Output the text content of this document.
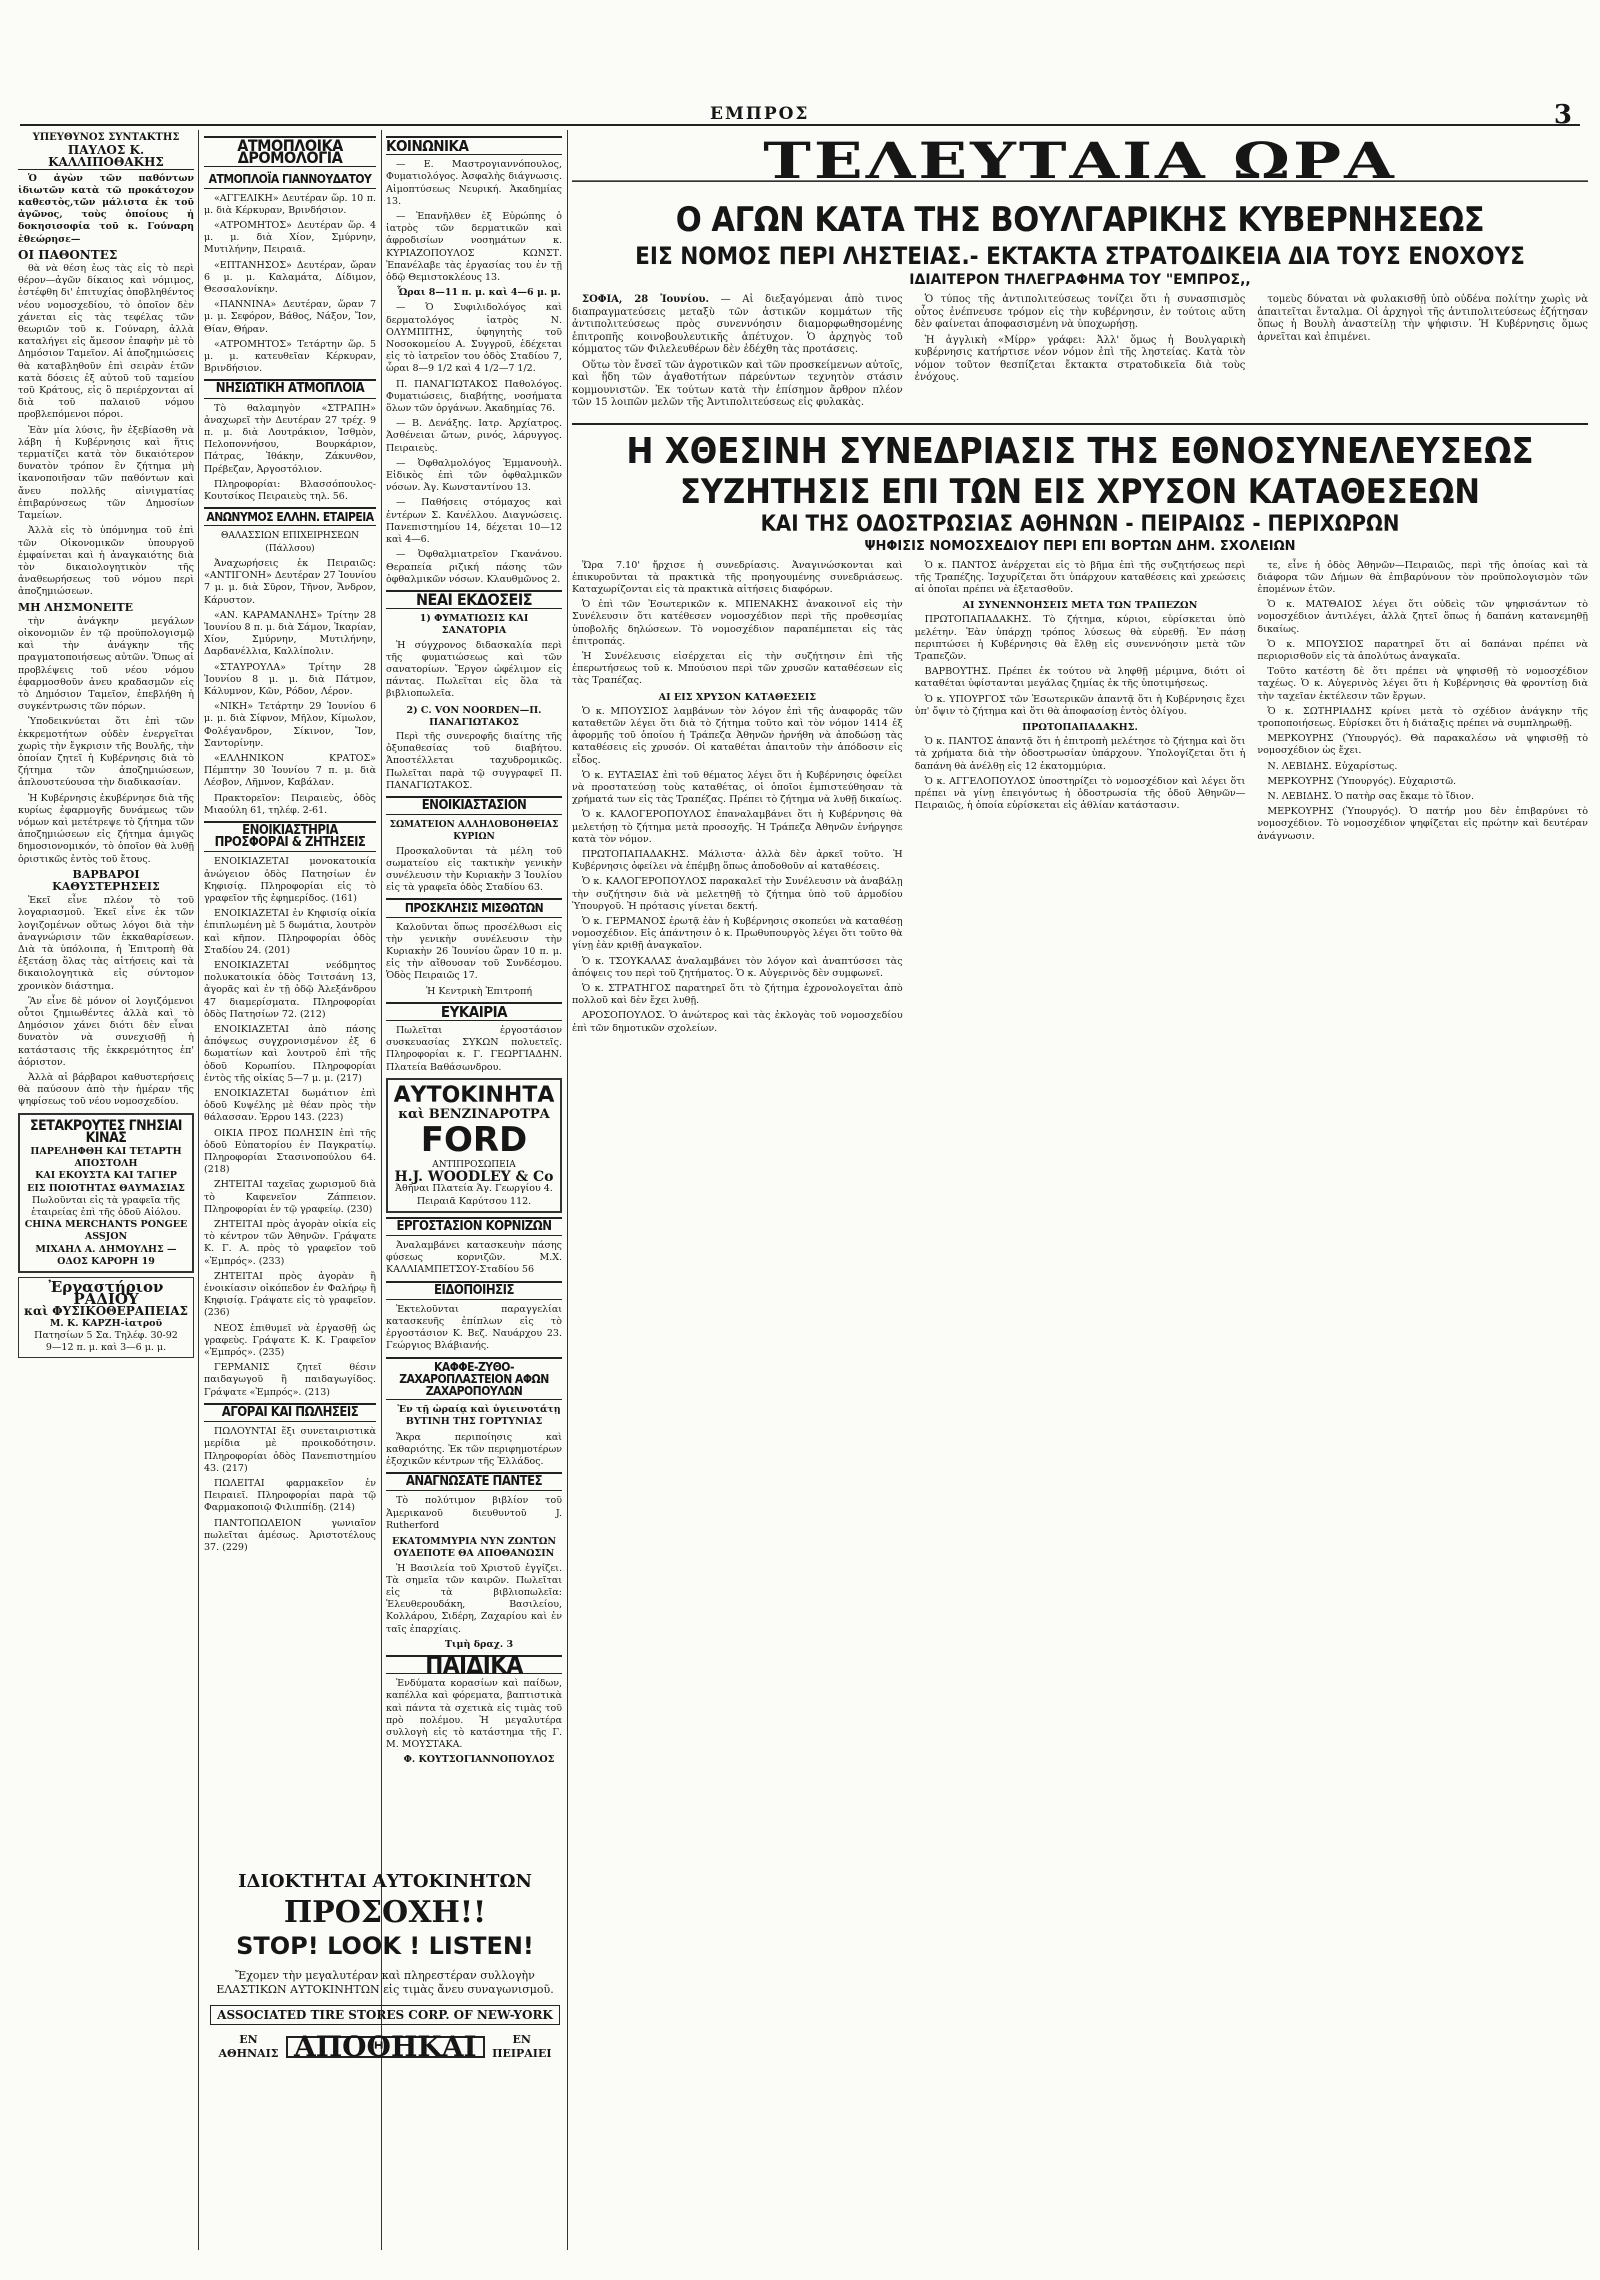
ΕΜΠΡΟΣ	3
ΥΠΕΥΘΥΝΟΣ ΣΥΝΤΑΚΤΗΣ
ΠΑΥΛΟΣ Κ. ΚΑΛΛΙΠΟΘΑΚΗΣ

Ὁ ἀγὼν τῶν παθόντων ἰδιωτῶν κατὰ τῶ προκάτοχον καθεστὸς,τῶν μάλιστα ἐκ τοῦ ἀγῶνος, τοὺς ὁποίους ἡ δοκησισοφία τοῦ κ. Γούναρη ἐθεώρησε—

ΟΙ ΠΑΘΟΝΤΕΣ

θὰ νὰ θέση ἐως τὰς εἰς τὸ περὶ θέρον—ἀγῶν δίκαιος καὶ νόμιμος, ἐστέφθη δι' ἐπιτυχίας ὀποβληθέντος νέου νομοσχεδίου, τὸ ὁποῖον δὲν χάνεται εἰς τὰς τεφέλας τῶν θεωριῶν τοῦ κ. Γούναρη, ἀλλὰ καταλήγει εἰς ἄμεσον ἐπαφὴν μὲ τὸ Δημόσιον Ταμεῖον. Αἱ ἀποζημιώσεις θὰ καταβληθοῦν ἐπὶ σειρὰν ἐτῶν κατὰ δόσεις ἐξ αὐτοῦ τοῦ ταμείου τοῦ Κράτους, εἰς ὃ περιέρχονται αἱ διὰ τοῦ παλαιοῦ νόμου προβλεπόμενοι πόροι.

Ἐὰν μία λύσις, ἢν ἐξεβίασθη νὰ λάβη ἡ Κυβέρνησις καὶ ἥτις τερματίζει κατὰ τὸν δικαιότερον δυνατὸν τρόπον ἓν ζήτημα μὴ ἱκανοποιῆσαν τῶν παθόντων καὶ ἄνευ πολλῆς αἰνιγματίας ἐπιβαρύνσεως τῶν Δημοσίων Ταμείων.

Ἀλλὰ εἰς τὸ ὑπόμνημα τοῦ ἐπὶ τῶν Οἰκονομικῶν ὑπουργοῦ ἐμφαίνεται καὶ ἡ ἀναγκαιότης διὰ τὸν δικαιολογητικὸν τῆς ἀναθεωρήσεως τοῦ νόμου περὶ ἀποζημιώσεων.

ΜΗ ΛΗΣΜΟΝΕΙΤΕ

τὴν ἀνάγκην μεγάλων οἰκονομιῶν ἐν τῷ προϋπολογισμῷ καὶ τὴν ἀνάγκην τῆς πραγματοποιήσεως αὐτῶν. Ὅπως αἱ προβλέψεις τοῦ νέου νόμου ἐφαρμοσθοῦν ἀνευ κραδασμῶν εἰς τὸ Δημόσιον Ταμεῖον, ἐπεβλήθη ἡ συγκέντρωσις τῶν πόρων.

Ὑποδεικνύεται ὅτι ἐπὶ τῶν ἐκκρεμοτήτων οὐδὲν ἐνεργεῖται χωρὶς τὴν ἔγκρισιν τῆς Βουλῆς, τὴν ὁποίαν ζητεῖ ἡ Κυβέρνησις διὰ τὸ ζήτημα τῶν ἀποζημιώσεων, ἁπλουστεύουσα τὴν διαδικασίαν.

Ἡ Κυβέρνησις ἐκυβέρνησε διὰ τῆς κυρίως ἐφαρμογῆς δυνάμεως τῶν νόμων καὶ μετέτρεψε τὸ ζήτημα τῶν ἀποζημιώσεων εἰς ζήτημα ἀμιγῶς δημοσιονομικόν, τὸ ὁποῖον θὰ λυθῇ ὁριστικῶς ἐντὸς τοῦ ἔτους.

ΒΑΡΒΑΡΟΙ ΚΑΘΥΣΤΕΡΗΣΕΙΣ

Ἐκεῖ εἶνε πλέον τὸ τοῦ λογαριασμοῦ. Ἐκεῖ εἶνε ἐκ τῶν λογιζομένων οὕτως λόγοι διὰ τὴν ἀναγνώρισιν τῶν ἐκκαθαρίσεων. Διὰ τὰ ὑπόλοιπα, ἡ Ἐπιτροπὴ θὰ ἐξετάσῃ ὅλας τὰς αἰτήσεις καὶ τὰ δικαιολογητικὰ εἰς σύντομον χρονικὸν διάστημα.

Ἂν εἶνε δὲ μόνον οἱ λογιζόμενοι οὗτοι ζημιωθέντες ἀλλὰ καὶ τὸ Δημόσιον χάνει διότι δὲν εἶναι δυνατὸν νὰ συνεχισθῇ ἡ κατάστασις τῆς ἐκκρεμότητος ἐπ' ἀόριστον.

Ἀλλὰ αἱ βάρβαροι καθυστερήσεις θὰ παύσουν ἀπὸ τὴν ἡμέραν τῆς ψηφίσεως τοῦ νέου νομοσχεδίου.

ΣΕΤΑΚΡΟΥΤΕΣ ΓΝΗΣΙΑΙ ΚΙΝΑΣ
ΠΑΡΕΛΗΦΘΗ ΚΑΙ ΤΕΤΑΡΤΗ ΑΠΟΣΤΟΛΗ
ΚΑΙ ΕΚΟΥΣΤΑ ΚΑΙ ΤΑΓΙΕΡ
ΕΙΣ ΠΟΙΟΤΗΤΑΣ ΘΑΥΜΑΣΙΑΣ
Πωλοῦνται εἰς τὰ γραφεῖα τῆς ἑταιρείας ἐπὶ τῆς ὁδοῦ Αἰόλου.
CHINA MERCHANTS PONGEE ASSJON
ΜΙΧΑΗΛ Α. ΔΗΜΟΥΛΗΣ — ΟΔΟΣ ΚΑΡΟΡΗ 19
Ἐργαστήριον ΡΑΔΙΟΥ
καὶ ΦΥΣΙΚΟΘΕΡΑΠΕΙΑΣ
Μ. Κ. ΚΑΡΖΗ-ἰατροῦ
Πατησίων 5 Σα. Τηλέφ. 30-92
9—12 π. μ. καὶ 3—6 μ. μ.
ΑΤΜΟΠΛΟΪΚΑ ΔΡΟΜΟΛΟΓΙΑ
ΑΤΜΟΠΛΟΪΑ ΓΙΑΝΝΟΥΔΑΤΟΥ

«ΑΓΓΕΛΙΚΗ» Δευτέραν ὥρ. 10 π. μ. διὰ Κέρκυραν, Βρινδήσιον.

«ΑΤΡΟΜΗΤΟΣ» Δευτέραν ὥρ. 4 μ. μ. διὰ Χίον, Σμύρνην, Μυτιλήνην, Πειραιᾶ.

«ΕΠΤΑΝΗΣΟΣ» Δευτέραν, ὥραν 6 μ. μ. Καλαμάτα, Δίδιμον, Θεσσαλονίκην.

«ΠΑΝΝΙΝΑ» Δευτέραν, ὥραν 7 μ. μ. Σεφόρον, Βάθος, Νάξον, Ἴον, Θίαν, Θήραν.

«ΑΤΡΟΜΗΤΟΣ» Τετάρτην ὥρ. 5 μ. μ. κατευθεῖαν Κέρκυραν, Βρινδήσιον.

ΝΗΣΙΩΤΙΚΗ ΑΤΜΟΠΛΟΪΑ

Τὸ θαλαμηγὸν «ΣΤΡΑΠΗ» ἀναχωρεῖ τὴν Δευτέραν 27 τρέχ. 9 π. μ. διὰ Λουτράκιον, Ἰσθμὸν, Πελοποννήσου, Βουρκάριον, Πάτρας, Ἰθάκην, Ζάκυνθον, Πρέβεζαν, Ἀργοστόλιον.

Πληροφορίαι: Βλασσόπουλος-Κουτσίκος Πειραιεὺς τηλ. 56.

ΑΝΩΝΥΜΟΣ ΕΛΛΗΝ. ΕΤΑΙΡΕΙΑ
ΘΑΛΑΣΣΙΩΝ ΕΠΙΧΕΙΡΗΣΕΩΝ (Πάλλσου)

Ἀναχωρήσεις ἐκ Πειραιῶς: «ΑΝΤΙΓΟΝΗ» Δευτέραν 27 Ἰουνίου 7 μ. μ. διὰ Σῦρον, Τῆνον, Ἄνδρον, Κάρυστον.

«ΑΝ. ΚΑΡΑΜΑΝΛΗΣ» Τρίτην 28 Ἰουνίου 8 π. μ. διὰ Σάμον, Ἰκαρίαν, Χίον, Σμύρνην, Μυτιλήνην, Δαρδανέλλια, Καλλίπολιν.

«ΣΤΑΥΡΟΥΛΑ» Τρίτην 28 Ἰουνίου 8 μ. μ. διὰ Πάτμον, Κάλυμνον, Κῶν, Ρόδον, Λέρον.

«ΝΙΚΗ» Τετάρτην 29 Ἰουνίου 6 μ. μ. διὰ Σίφνον, Μῆλον, Κίμωλον, Φολέγανδρον, Σίκινον, Ἴον, Σαντορίνην.

«ΕΛΛΗΝΙΚΟΝ ΚΡΑΤΟΣ» Πέμπτην 30 Ἰουνίου 7 π. μ. διὰ Λέσβον, Λῆμνον, Καβάλαν.

Πρακτορεῖον: Πειραιεὺς, ὁδὸς Μιαούλη 61, τηλέφ. 2-61.

ΕΝΟΙΚΙΑΣΤΗΡΙΑ ΠΡΟΣΦΟΡΑΙ & ΖΗΤΗΣΕΙΣ

ΕΝΟΙΚΙΑΖΕΤΑΙ μονοκατοικία ἀνώγειον ὁδὸς Πατησίων ἐν Κηφισίᾳ. Πληροφορίαι εἰς τὸ γραφεῖον τῆς ἐφημερίδος. (161)

ΕΝΟΙΚΙΑΖΕΤΑΙ ἐν Κηφισίᾳ οἰκία ἐπιπλωμένη μὲ 5 δωμάτια, λουτρὸν καὶ κῆπον. Πληροφορίαι ὁδὸς Σταδίου 24. (201)

ΕΝΟΙΚΙΑΖΕΤΑΙ νεόδμητος πολυκατοικία ὁδὸς Τσιτσάνη 13, ἀγορᾶς καὶ ἐν τῇ ὁδῷ Ἀλεξάνδρου 47 διαμερίσματα. Πληροφορίαι ὁδὸς Πατησίων 72. (212)

ΕΝΟΙΚΙΑΖΕΤΑΙ ἀπὸ πάσης ἀπόψεως συγχρονισμένον ἐξ 6 δωματίων καὶ λουτροῦ ἐπὶ τῆς ὁδοῦ Κορωπίου. Πληροφορίαι ἐντὸς τῆς οἰκίας 5—7 μ. μ. (217)

ΕΝΟΙΚΙΑΖΕΤΑΙ δωμάτιον ἐπὶ ὁδοῦ Κυψέλης μὲ θέαν πρὸς τὴν θάλασσαν. Ἐρρου 143. (223)

ΟΙΚΙΑ ΠΡΟΣ ΠΩΛΗΣΙΝ ἐπὶ τῆς ὁδοῦ Εὐπατορίου ἐν Παγκρατίῳ. Πληροφορίαι Στασινοπούλου 64. (218)

ΖΗΤΕΙΤΑΙ ταχεῖας χωρισμοῦ διὰ τὸ Καφενεῖον Ζάππειον. Πληροφορίαι ἐν τῷ γραφείῳ. (230)

ΖΗΤΕΙΤΑΙ πρὸς ἀγορὰν οἰκία εἰς τὸ κέντρον τῶν Ἀθηνῶν. Γράψατε Κ. Γ. Α. πρὸς τὸ γραφεῖον τοῦ «Ἐμπρός». (233)

ΖΗΤΕΙΤΑΙ πρὸς ἀγορὰν ἢ ἐνοικίασιν οἰκόπεδον ἐν Φαλήρῳ ἢ Κηφισίᾳ. Γράψατε εἰς τὸ γραφεῖον. (236)

ΝΕΟΣ ἐπιθυμεῖ νὰ ἐργασθῇ ὡς γραφεὺς. Γράψατε Κ. Κ. Γραφεῖον «Ἐμπρός». (235)

ΓΕΡΜΑΝΙΣ ζητεῖ θέσιν παιδαγωγοῦ ἢ παιδαγωγίδος. Γράψατε «Ἐμπρός». (213)

ΑΓΟΡΑΙ ΚΑΙ ΠΩΛΗΣΕΙΣ

ΠΩΛΟΥΝΤΑΙ ἕξι συνεταιριστικὰ μερίδια μὲ προικοδότησιν. Πληροφορίαι ὁδὸς Πανεπιστημίου 43. (217)

ΠΩΛΕΙΤΑΙ φαρμακεῖον ἐν Πειραιεῖ. Πληροφορίαι παρὰ τῷ Φαρμακοποιῷ Φιλιππίδῃ. (214)

ΠΑΝΤΟΠΩΛΕΙΟΝ γωνιαῖον πωλεῖται ἀμέσως. Ἀριστοτέλους 37. (229)

ΙΔΙΟΚΤΗΤΑΙ ΑΥΤΟΚΙΝΗΤΩΝ
ΠΡΟΣΟΧΗ!!
STOP! LOOK ! LISTEN!
Ἔχομεν τὴν μεγαλυτέραν καὶ πληρεστέραν συλλογὴν ΕΛΑΣΤΙΚΩΝ ΑΥΤΟΚΙΝΗΤΩΝ εἰς τιμὰς ἄνευ συναγωνισμοῦ.
ASSOCIATED TIRE STORES CORP. OF NEW-YORK
ΕΝ ΑΘΗΝΑΙΣ ΑΠΟΘΗΚΑΙ	ΕΝ ΠΕΙΡΑΙΕΙ
ΚΟΙΝΩΝΙΚΑ

— Ε. Μαστρογιαννόπουλος, Φυματιολόγος. Ἀσφαλὴς διάγνωσις. Αἱμοπτύσεως Νευρική. Ἀκαδημίας 13.

— Ἐπανῆλθεν ἐξ Εὐρώπης ὁ ἰατρὸς τῶν δερματικῶν καὶ ἀφροδισίων νοσημάτων κ. ΚΥΡΙΑΖΟΠΟΥΛΟΣ ΚΩΝΣΤ. Ἐπανέλαβε τὰς ἐργασίας του ἐν τῇ ὁδῷ Θεμιστοκλέους 13.

Ὧραι 8—11 π. μ. καὶ 4—6 μ. μ.

— Ὁ Συφιλιδολόγος καὶ δερματολόγος ἰατρὸς Ν. ΟΛΥΜΠΙΤΗΣ, ὑφηγητὴς τοῦ Νοσοκομείου Α. Συγγροῦ, ἐδέχεται εἰς τὸ ἰατρεῖον του ὁδὸς Σταδίου 7, ὧραι 8—9 1/2 καὶ 4 1/2—7 1/2.

Π. ΠΑΝΑΓΙΩΤΑΚΟΣ Παθολόγος. Φυματιώσεις, διαβήτης, νοσήματα ὅλων τῶν ὀργάνων. Ἀκαδημίας 76.

— Β. Δενάξης. Ιατρ. Ἀρχίατρος. Ἀσθένειαι ὤτων, ρινός, λάρυγγος. Πειραιεὺς.

— Ὀφθαλμολόγος Ἐμμανουὴλ. Εἰδικὸς ἐπὶ τῶν ὀφθαλμικῶν νόσων. Ἀγ. Κωνσταντίνου 13.

— Παθήσεις στόμαχος καὶ ἐντέρων Σ. Κανέλλου. Διαγνώσεις. Πανεπιστημίου 14, δέχεται 10—12 καὶ 4—6.

— Ὀφθαλμιατρεῖον Γκανάνου. Θεραπεία ριζική πάσης τῶν ὀφθαλμικῶν νόσων. Κλαυθμῶνος 2.

ΝΕΑΙ ΕΚΔΟΣΕΙΣ
1) ΦΥΜΑΤΙΩΣΙΣ ΚΑΙ ΣΑΝΑΤΟΡΙΑ

Ἡ σύγχρονος διδασκαλία περὶ τῆς φυματιώσεως καὶ τῶν σανατορίων. Ἔργον ὠφέλιμον εἰς πάντας. Πωλεῖται εἰς ὅλα τὰ βιβλιοπωλεῖα.

2) C. VON NOORDEN—Π. ΠΑΝΑΓΙΩΤΑΚΟΣ

Περὶ τῆς συνεροφῆς διαίτης τῆς ὀξυπαθεσίας τοῦ διαβήτου. Ἀποστέλλεται ταχυδρομικῶς. Πωλεῖται παρὰ τῷ συγγραφεῖ Π. ΠΑΝΑΓΙΩΤΑΚΟΣ.

ΕΝΟΙΚΙΑΣΤΑΣΙΟΝ
ΣΩΜΑΤΕΙΟΝ ΑΛΛΗΛΟΒΟΗΘΕΙΑΣ ΚΥΡΙΩΝ

Προσκαλοῦνται τὰ μέλη τοῦ σωματείου εἰς τακτικὴν γενικὴν συνέλευσιν τὴν Κυριακὴν 3 Ἰουλίου εἰς τὰ γραφεῖα ὁδὸς Σταδίου 63.

ΠΡΟΣΚΛΗΣΙΣ ΜΙΣΘΩΤΩΝ

Καλοῦνται ὅπως προσέλθωσι εἰς τὴν γενικὴν συνέλευσιν τὴν Κυριακὴν 26 Ἰουνίου ὥραν 10 π. μ. εἰς τὴν αἴθουσαν τοῦ Συνδέσμου. Ὁδὸς Πειραιῶς 17.

Ἡ Κεντρικὴ Ἐπιτροπή

ΕΥΚΑΙΡΙΑ

Πωλεῖται ἐργοστάσιον συσκευασίας ΣΥΚΩΝ πολυετεῖς. Πληροφορίαι κ. Γ. ΓΕΩΡΓΙΑΔΗΝ. Πλατεία Βαθάσωνδρου.

ΑΥΤΟΚΙΝΗΤΑ
καὶ ΒΕΝΖΙΝΑΡΟΤΡΑ
FORD
ΑΝΤΙΠΡΟΣΩΠΕΙΑ
H.J. WOODLEY & Co
Ἀθῆναι Πλατεία Ἁγ. Γεωργίου 4. Πειραιᾶ Καρύτσου 112.
ΕΡΓΟΣΤΑΣΙΟΝ ΚΟΡΝΙΖΩΝ

Ἀναλαμβάνει κατασκευὴν πάσης φύσεως κορνιζῶν. Μ.Χ. ΚΑΛΛΙΑΜΠΕΤΣΟΥ-Σταδίου 56

ΕΙΔΟΠΟΙΗΣΙΣ

Ἐκτελοῦνται παραγγελίαι κατασκευῆς ἐπίπλων εἰς τὸ ἐργοστάσιον Κ. Βεζ. Ναυάρχου 23. Γεώργιος Βλάβιανής.

ΚΑΦΦΕ-ΖΥΘΟ-ΖΑΧΑΡΟΠΛΑΣΤΕΙΟΝ ΑΦΩΝ ΖΑΧΑΡΟΠΟΥΛΩΝ

Ἐν τῇ ὡραίᾳ καὶ ὑγιεινοτάτῃ ΒΥΤΙΝΗ ΤΗΣ ΓΟΡΤΥΝΙΑΣ

Ἄκρα περιποίησις καὶ καθαριότης. Ἐκ τῶν περιφημοτέρων ἐξοχικῶν κέντρων τῆς Ἑλλάδος.

ΑΝΑΓΝΩΣΑΤΕ ΠΑΝΤΕΣ

Τὸ πολύτιμον βιβλίον τοῦ Ἀμερικανοῦ διευθυντοῦ J. Rutherford

ΕΚΑΤΟΜΜΥΡΙΑ ΝΥΝ ΖΩΝΤΩΝ ΟΥΔΕΠΟΤΕ ΘΑ ΑΠΟΘΑΝΩΣΙΝ

Ἡ Βασιλεία τοῦ Χριστοῦ ἐγγίζει. Τὰ σημεῖα τῶν καιρῶν. Πωλεῖται εἰς τὰ βιβλιοπωλεῖα: Ἐλευθερουδάκη, Βασιλείου, Κολλάρου, Σιδέρη, Ζαχαρίου καὶ ἐν ταῖς ἐπαρχίαις.

Τιμὴ δραχ. 3

ΠΑΙΔΙΚΑ

Ἐνδύματα κορασίων καὶ παίδων, καπέλλα καὶ φόρεματα, βαπτιστικὰ καὶ πάντα τὰ σχετικὰ εἰς τιμὰς τοῦ πρὸ πολέμου. Ἡ μεγαλυτέρα συλλογὴ εἰς τὸ κατάστημα τῆς Γ. Μ. ΜΟΥΣΤΑΚΑ.

Φ. ΚΟΥΤΣΟΓΙΑΝΝΟΠΟΥΛΟΣ

ΤΕΛΕΥΤΑΙΑ ΩΡΑ
Ο ΑΓΩΝ ΚΑΤΑ ΤΗΣ ΒΟΥΛΓΑΡΙΚΗΣ ΚΥΒΕΡΝΗΣΕΩΣ
ΕΙΣ ΝΟΜΟΣ ΠΕΡΙ ΛΗΣΤΕΙΑΣ.- ΕΚΤΑΚΤΑ ΣΤΡΑΤΟΔΙΚΕΙΑ ΔΙΑ ΤΟΥΣ ΕΝΟΧΟΥΣ
ΙΔΙΑΙΤΕΡΟΝ ΤΗΛΕΓΡΑΦΗΜΑ ΤΟΥ "ΕΜΠΡΟΣ,,

ΣΟΦΙΑ, 28 Ἰουνίου. — Αἱ διεξαγόμεναι ἀπὸ τινος διαπραγματεύσεις μεταξὺ τῶν ἀστικῶν κομμάτων τῆς ἀντιπολιτεύσεως πρὸς συνεννόησιν διαμορφωθησομένης ἐπιτροπῆς κοινοβουλευτικῆς ἀπέτυχον. Ὁ ἀρχηγὸς τοῦ κόμματος τῶν Φιλελευθέρων δὲν ἐδέχθη τὰς προτάσεις.

Οὕτω τὸν ἔνσεῖ τῶν ἀγροτικῶν καὶ τῶν προσκείμενων αὐτοῖς, καὶ ἤδη τῶν ἀγαθοτήτων πάρεύντων τεχνητὸν στάσιν κομμουνιστῶν. Ἐκ τούτων κατὰ τὴν ἐπίσημον ἄρθρον πλέον τῶν 15 λοιπῶν μελῶν τῆς Ἀντιπολιτεύσεως εἰς φυλακὰς.

Ὁ τύπος τῆς ἀντιπολιτεύσεως τονίζει ὅτι ἡ συνασπισμὸς οὗτος ἐνέπνευσε τρόμον εἰς τὴν κυβέρνησιν, ἐν τούτοις αὕτη δὲν φαίνεται ἀποφασισμένη νὰ ὑποχωρήσῃ.

Ἡ ἀγγλικὴ «Μίρρ» γράφει: Ἀλλ' ὅμως ἡ Βουλγαρικὴ κυβέρνησις κατήρτισε νέον νόμον ἐπὶ τῆς ληστείας. Κατὰ τὸν νόμον τοῦτον θεσπίζεται ἔκτακτα στρατοδικεῖα διὰ τοὺς ἐνόχους.

τομεὺς δύναται νὰ φυλακισθῇ ὑπὸ οὐδένα πολίτην χωρὶς νὰ ἀπαιτεῖται ἔνταλμα. Οἱ ἀρχηγοὶ τῆς ἀντιπολιτεύσεως ἐζήτησαν ὅπως ἡ Βουλὴ ἀναστείλῃ τὴν ψήφισιν. Ἡ Κυβέρνησις ὅμως ἀρνεῖται καὶ ἐπιμένει.

Η ΧΘΕΣΙΝΗ ΣΥΝΕΔΡΙΑΣΙΣ ΤΗΣ ΕΘΝΟΣΥΝΕΛΕΥΣΕΩΣ
ΣΥΖΗΤΗΣΙΣ ΕΠΙ ΤΩΝ ΕΙΣ ΧΡΥΣΟΝ ΚΑΤΑΘΕΣΕΩΝ
ΚΑΙ ΤΗΣ ΟΔΟΣΤΡΩΣΙΑΣ ΑΘΗΝΩΝ - ΠΕΙΡΑΙΩΣ - ΠΕΡΙΧΩΡΩΝ
ΨΗΦΙΣΙΣ ΝΟΜΟΣΧΕΔΙΟΥ ΠΕΡΙ ΕΠΙ ΒΟΡΤΩΝ ΔΗΜ. ΣΧΟΛΕΙΩΝ

Ὥρα 7.10' ἤρχισε ἡ συνεδρίασις. Ἀναγινώσκονται καὶ ἐπικυροῦνται τὰ πρακτικὰ τῆς προηγουμένης συνεδριάσεως. Καταχωρίζονται εἰς τὰ πρακτικὰ αἰτήσεις διαφόρων.

Ὁ ἐπὶ τῶν Ἐσωτερικῶν κ. ΜΠΕΝΑΚΗΣ ἀνακοινοῖ εἰς τὴν Συνέλευσιν ὅτι κατέθεσεν νομοσχέδιον περὶ τῆς προθεσμίας ὑποβολῆς δηλώσεων. Τὸ νομοσχέδιον παραπέμπεται εἰς τὰς ἐπιτροπάς.

Ἡ Συνέλευσις εἰσέρχεται εἰς τὴν συζήτησιν ἐπὶ τῆς ἐπερωτήσεως τοῦ κ. Μπούσιου περὶ τῶν χρυσῶν καταθέσεων εἰς τὰς Τραπέζας.

ΑΙ ΕΙΣ ΧΡΥΣΟΝ ΚΑΤΑΘΕΣΕΙΣ

Ὁ κ. ΜΠΟΥΣΙΟΣ λαμβάνων τὸν λόγον ἐπὶ τῆς ἀναφορᾶς τῶν καταθετῶν λέγει ὅτι διὰ τὸ ζήτημα τοῦτο καὶ τὸν νόμον 1414 ἐξ ἀφορμῆς τοῦ ὁποίου ἡ Τράπεζα Ἀθηνῶν ἠρνήθη νὰ ἀποδώσῃ τὰς καταθέσεις εἰς χρυσόν. Οἱ καταθέται ἀπαιτοῦν τὴν ἀπόδοσιν εἰς εἶδος.

Ὁ κ. ΕΥΤΑΞΙΑΣ ἐπὶ τοῦ θέματος λέγει ὅτι ἡ Κυβέρνησις ὀφείλει νὰ προστατεύσῃ τοὺς καταθέτας, οἱ ὁποῖοι ἐμπιστεύθησαν τὰ χρήματά των εἰς τὰς Τραπέζας. Πρέπει τὸ ζήτημα νὰ λυθῇ δικαίως.

Ὁ κ. ΚΑΛΟΓΕΡΟΠΟΥΛΟΣ ἐπαναλαμβάνει ὅτι ἡ Κυβέρνησις θὰ μελετήσῃ τὸ ζήτημα μετὰ προσοχῆς. Ἡ Τράπεζα Ἀθηνῶν ἐνήργησε κατὰ τὸν νόμον.

ΠΡΩΤΟΠΑΠΑΔΑΚΗΣ. Μάλιστα· ἀλλὰ δὲν ἀρκεῖ τοῦτο. Ἡ Κυβέρνησις ὀφείλει νὰ ἐπέμβῃ ὅπως ἀποδοθοῦν αἱ καταθέσεις.

Ὁ κ. ΚΑΛΟΓΕΡΟΠΟΥΛΟΣ παρακαλεῖ τὴν Συνέλευσιν νὰ ἀναβάλῃ τὴν συζήτησιν διὰ νὰ μελετηθῇ τὸ ζήτημα ὑπὸ τοῦ ἁρμοδίου Ὑπουργοῦ. Ἡ πρότασις γίνεται δεκτή.

Ὁ κ. ΓΕΡΜΑΝΟΣ ἐρωτᾷ ἐὰν ἡ Κυβέρνησις σκοπεύει νὰ καταθέσῃ νομοσχέδιον. Εἰς ἀπάντησιν ὁ κ. Πρωθυπουργὸς λέγει ὅτι τοῦτο θὰ γίνῃ ἐὰν κριθῇ ἀναγκαῖον.

Ὁ κ. ΤΣΟΥΚΑΛΑΣ ἀναλαμβάνει τὸν λόγον καὶ ἀναπτύσσει τὰς ἀπόψεις του περὶ τοῦ ζητήματος. Ὁ κ. Αὐγερινὸς δὲν συμφωνεῖ.

Ὁ κ. ΣΤΡΑΤΗΓΟΣ παρατηρεῖ ὅτι τὸ ζήτημα ἐχρονολογεῖται ἀπὸ πολλοῦ καὶ δὲν ἔχει λυθῇ.

ΑΡΟΣΟΠΟΥΛΟΣ. Ὁ ἀνώτερος καὶ τὰς ἐκλογὰς τοῦ νομοσχεδίου ἐπὶ τῶν δημοτικῶν σχολείων.

Ὁ κ. ΠΑΝΤΟΣ ἀνέρχεται εἰς τὸ βῆμα ἐπὶ τῆς συζητήσεως περὶ τῆς Τραπέζης. Ἰσχυρίζεται ὅτι ὑπάρχουν καταθέσεις καὶ χρεώσεις αἱ ὁποῖαι πρέπει νὰ ἐξετασθοῦν.

ΑΙ ΣΥΝΕΝΝΟΗΣΕΙΣ ΜΕΤΑ ΤΩΝ ΤΡΑΠΕΖΩΝ

ΠΡΩΤΟΠΑΠΑΔΑΚΗΣ. Τὸ ζήτημα, κύριοι, εὑρίσκεται ὑπὸ μελέτην. Ἐὰν ὑπάρχῃ τρόπος λύσεως θὰ εὑρεθῇ. Ἐν πάσῃ περιπτώσει ἡ Κυβέρνησις θὰ ἔλθῃ εἰς συνεννόησιν μετὰ τῶν Τραπεζῶν.

ΒΑΡΒΟΥΤΗΣ. Πρέπει ἐκ τούτου νὰ ληφθῇ μέριμνα, διότι οἱ καταθέται ὑφίστανται μεγάλας ζημίας ἐκ τῆς ὑποτιμήσεως.

Ὁ κ. ΥΠΟΥΡΓΟΣ τῶν Ἐσωτερικῶν ἀπαντᾷ ὅτι ἡ Κυβέρνησις ἔχει ὑπ' ὄψιν τὸ ζήτημα καὶ ὅτι θὰ ἀποφασίσῃ ἐντὸς ὀλίγου.

ΠΡΩΤΟΠΑΠΑΔΑΚΗΣ.

Ὁ κ. ΠΑΝΤΟΣ ἀπαντᾷ ὅτι ἡ ἐπιτροπὴ μελέτησε τὸ ζήτημα καὶ ὅτι τὰ χρήματα διὰ τὴν ὁδοστρωσίαν ὑπάρχουν. Ὑπολογίζεται ὅτι ἡ δαπάνη θὰ ἀνέλθῃ εἰς 12 ἑκατομμύρια.

Ὁ κ. ΑΓΓΕΛΟΠΟΥΛΟΣ ὑποστηρίζει τὸ νομοσχέδιον καὶ λέγει ὅτι πρέπει νὰ γίνῃ ἐπειγόντως ἡ ὁδοστρωσία τῆς ὁδοῦ Ἀθηνῶν—Πειραιῶς, ἡ ὁποία εὑρίσκεται εἰς ἀθλίαν κατάστασιν.

τε, εἶνε ἡ ὁδὸς Ἀθηνῶν—Πειραιῶς, περὶ τῆς ὁποίας καὶ τὰ διάφορα τῶν Δήμων θὰ ἐπιβαρύνουν τὸν προϋπολογισμὸν τῶν ἐπομένων ἐτῶν.

Ὁ κ. ΜΑΤΘΑΙΟΣ λέγει ὅτι οὐδεὶς τῶν ψηφισάντων τὸ νομοσχέδιον ἀντιλέγει, ἀλλὰ ζητεῖ ὅπως ἡ δαπάνη κατανεμηθῇ δικαίως.

Ὁ κ. ΜΠΟΥΣΙΟΣ παρατηρεῖ ὅτι αἱ δαπάναι πρέπει νὰ περιορισθοῦν εἰς τὰ ἀπολύτως ἀναγκαῖα.

Τοῦτο κατέστη δὲ ὅτι πρέπει νὰ ψηφισθῇ τὸ νομοσχέδιον ταχέως. Ὁ κ. Αὐγερινὸς λέγει ὅτι ἡ Κυβέρνησις θὰ φροντίσῃ διὰ τὴν ταχεῖαν ἐκτέλεσιν τῶν ἔργων.

Ὁ κ. ΣΩΤΗΡΙΑΔΗΣ κρίνει μετὰ τὸ σχέδιον ἀνάγκην τῆς τροποποιήσεως. Εὑρίσκει ὅτι ἡ διάταξις πρέπει νὰ συμπληρωθῇ.

ΜΕΡΚΟΥΡΗΣ (Ὑπουργός). Θὰ παρακαλέσω νὰ ψηφισθῇ τὸ νομοσχέδιον ὡς ἔχει.

Ν. ΛΕΒΙΔΗΣ. Εὐχαρίστως.

ΜΕΡΚΟΥΡΗΣ (Ὑπουργός). Εὐχαριστῶ.

Ν. ΛΕΒΙΔΗΣ. Ὁ πατὴρ σας ἔκαμε τὸ ἴδιον.

ΜΕΡΚΟΥΡΗΣ (Ὑπουργός). Ὁ πατήρ μου δὲν ἐπιβαρύνει τὸ νομοσχέδιον. Τὸ νομοσχέδιον ψηφίζεται εἰς πρώτην καὶ δευτέραν ἀνάγνωσιν.
